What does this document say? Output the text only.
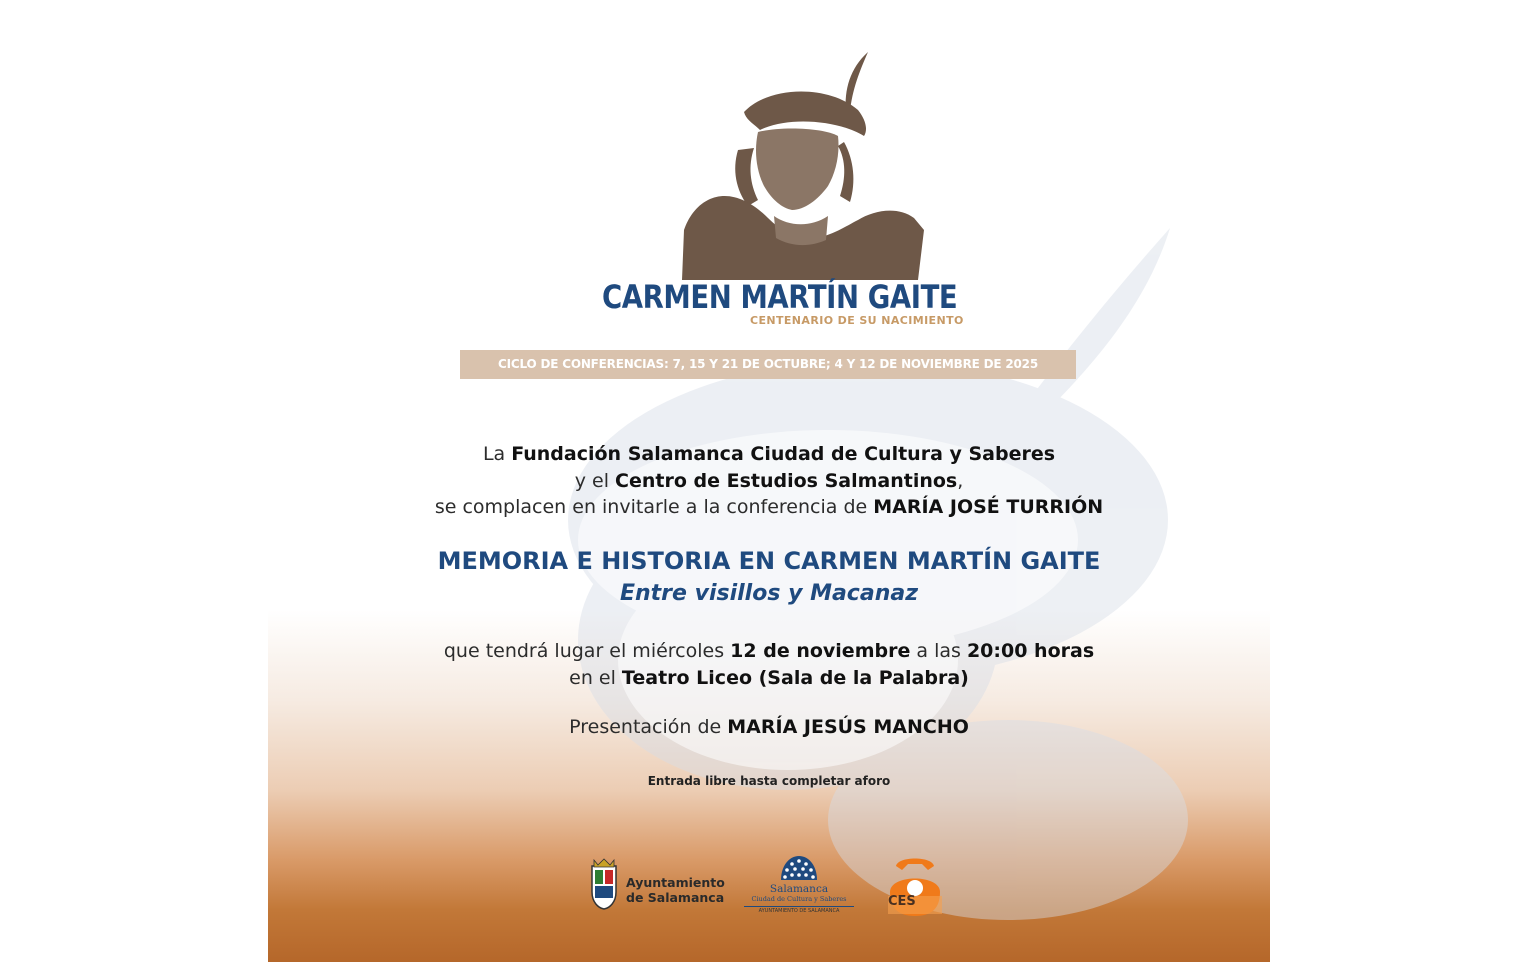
CARMEN MARTÍN GAITE
CENTENARIO DE SU NACIMIENTO
CICLO DE CONFERENCIAS: 7, 15 Y 21 DE OCTUBRE; 4 Y 12 DE NOVIEMBRE DE 2025
La Fundación Salamanca Ciudad de Cultura y Saberes
y el Centro de Estudios Salmantinos,
se complacen en invitarle a la conferencia de MARÍA JOSÉ TURRIÓN
MEMORIA E HISTORIA EN CARMEN MARTÍN GAITE
Entre visillos y Macanaz
que tendrá lugar el miércoles 12 de noviembre a las 20:00 horas
en el Teatro Liceo (Sala de la Palabra)
Presentación de MARÍA JESÚS MANCHO
Entrada libre hasta completar aforo
Ayuntamiento
de Salamanca
Salamanca
Ciudad de Cultura y Saberes
AYUNTAMIENTO DE SALAMANCA
CES
